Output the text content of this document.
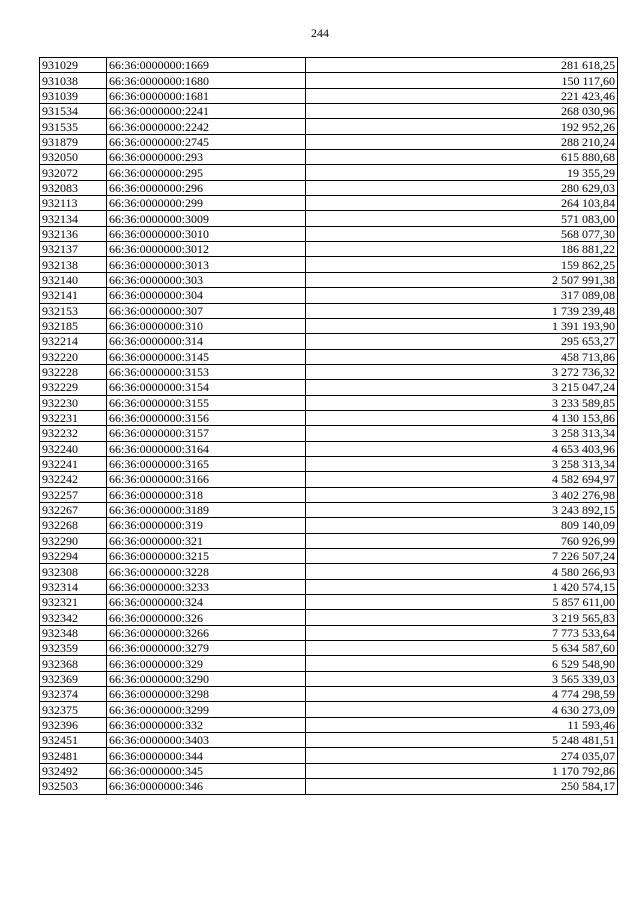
244
931029	66:36:0000000:1669	281 618,25
931038	66:36:0000000:1680	150 117,60
931039	66:36:0000000:1681	221 423,46
931534	66:36:0000000:2241	268 030,96
931535	66:36:0000000:2242	192 952,26
931879	66:36:0000000:2745	288 210,24
932050	66:36:0000000:293	615 880,68
932072	66:36:0000000:295	19 355,29
932083	66:36:0000000:296	280 629,03
932113	66:36:0000000:299	264 103,84
932134	66:36:0000000:3009	571 083,00
932136	66:36:0000000:3010	568 077,30
932137	66:36:0000000:3012	186 881,22
932138	66:36:0000000:3013	159 862,25
932140	66:36:0000000:303	2 507 991,38
932141	66:36:0000000:304	317 089,08
932153	66:36:0000000:307	1 739 239,48
932185	66:36:0000000:310	1 391 193,90
932214	66:36:0000000:314	295 653,27
932220	66:36:0000000:3145	458 713,86
932228	66:36:0000000:3153	3 272 736,32
932229	66:36:0000000:3154	3 215 047,24
932230	66:36:0000000:3155	3 233 589,85
932231	66:36:0000000:3156	4 130 153,86
932232	66:36:0000000:3157	3 258 313,34
932240	66:36:0000000:3164	4 653 403,96
932241	66:36:0000000:3165	3 258 313,34
932242	66:36:0000000:3166	4 582 694,97
932257	66:36:0000000:318	3 402 276,98
932267	66:36:0000000:3189	3 243 892,15
932268	66:36:0000000:319	809 140,09
932290	66:36:0000000:321	760 926,99
932294	66:36:0000000:3215	7 226 507,24
932308	66:36:0000000:3228	4 580 266,93
932314	66:36:0000000:3233	1 420 574,15
932321	66:36:0000000:324	5 857 611,00
932342	66:36:0000000:326	3 219 565,83
932348	66:36:0000000:3266	7 773 533,64
932359	66:36:0000000:3279	5 634 587,60
932368	66:36:0000000:329	6 529 548,90
932369	66:36:0000000:3290	3 565 339,03
932374	66:36:0000000:3298	4 774 298,59
932375	66:36:0000000:3299	4 630 273,09
932396	66:36:0000000:332	11 593,46
932451	66:36:0000000:3403	5 248 481,51
932481	66:36:0000000:344	274 035,07
932492	66:36:0000000:345	1 170 792,86
932503	66:36:0000000:346	250 584,17
